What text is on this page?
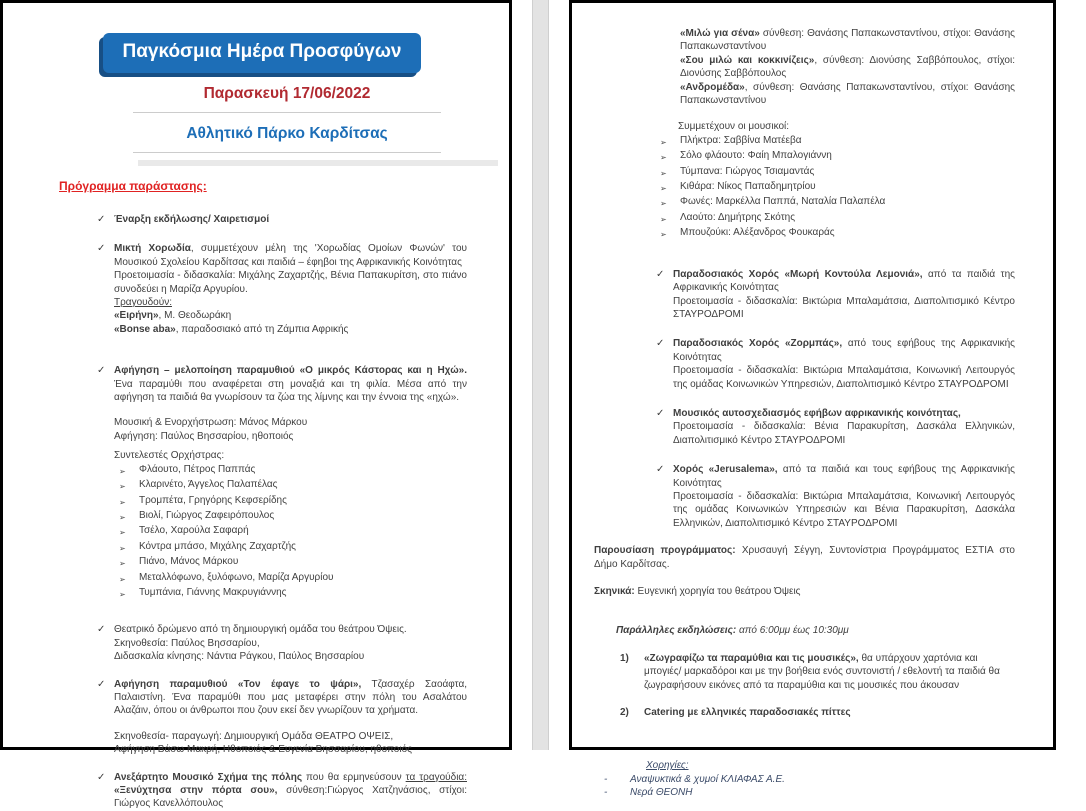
Παγκόσμια Ημέρα Προσφύγων
Παρασκευή 17/06/2022
Αθλητικό Πάρκο Καρδίτσας
Πρόγραμμα παράστασης:
✓ Έναρξη εκδήλωσης/ Χαιρετισμοί
✓ Μικτή Χορωδία, συμμετέχουν μέλη της 'Χορωδίας Ομοίων Φωνών' του Μουσικού Σχολείου Καρδίτσας και παιδιά – έφηβοι της Αφρικανικής Κοινότητας
Προετοιμασία - διδασκαλία: Μιχάλης Ζαχαρτζής, Βένια Παπακυρίτση, στο πιάνο συνοδεύει η Μαρίζα Αργυρίου.
Τραγουδούν:
«Ειρήνη», Μ. Θεοδωράκη
«Bonse aba», παραδοσιακό από τη Ζάμπια Αφρικής
✓ Αφήγηση – μελοποίηση παραμυθιού «Ο μικρός Κάστορας και η Ηχώ». Ένα παραμύθι που αναφέρεται στη μοναξιά και τη φιλία. Μέσα από την αφήγηση τα παιδιά θα γνωρίσουν τα ζώα της λίμνης και την έννοια της «ηχώ».
Μουσική & Ενορχήστρωση: Μάνος Μάρκου
Αφήγηση: Παύλος Βησσαρίου, ηθοποιός
Συντελεστές Ορχήστρας:
➢	Φλάουτο, Πέτρος Παππάς
➢	Κλαρινέτο, Άγγελος Παλαπέλας
➢	Τρομπέτα, Γρηγόρης Κεφσερίδης
➢	Βιολί, Γιώργος Ζαφειρόπουλος
➢	Τσέλο, Χαρούλα Σαφαρή
➢	Κόντρα μπάσο, Μιχάλης Ζαχαρτζής
➢	Πιάνο, Μάνος Μάρκου
➢	Μεταλλόφωνο, ξυλόφωνο, Μαρίζα Αργυρίου
➢	Τυμπάνια, Γιάννης Μακρυγιάννης
✓ Θεατρικό δρώμενο από τη δημιουργική ομάδα του θεάτρου Όψεις.
Σκηνοθεσία: Παύλος Βησσαρίου,
Διδασκαλία κίνησης: Νάντια Ράγκου, Παύλος Βησσαρίου
✓ Αφήγηση παραμυθιού «Τον έφαγε το ψάρι», Τζασαχέρ Σαοάφτα, Παλαιστίνη. Ένα παραμύθι που μας μεταφέρει στην πόλη του Ασαλάτου Αλαζάιν, όπου οι άνθρωποι που ζουν εκεί δεν γνωρίζουν τα χρήματα.
Σκηνοθεσία- παραγωγή: Δημιουργική Ομάδα ΘΕΑΤΡΟ ΟΨΕΙΣ,
Αφήγηση Βάσω Μακρή, Ηθοποιός & Ευγενία Βησσαρίου, ηθοποιός
✓ Ανεξάρτητο Μουσικό Σχήμα της πόλης που θα ερμηνεύσουν τα τραγούδια: «Ξενύχτησα στην πόρτα σου», σύνθεση:Γιώργος Χατζηνάσιος, στίχοι: Γιώργος Κανελλόπουλος
«Μιλώ για σένα» σύνθεση: Θανάσης Παπακωνσταντίνου, στίχοι: Θανάσης Παπακωνσταντίνου
«Σου μιλώ και κοκκινίζεις», σύνθεση: Διονύσης Σαββόπουλος, στίχοι: Διονύσης Σαββόπουλος
«Ανδρομέδα», σύνθεση: Θανάσης Παπακωνσταντίνου, στίχοι: Θανάσης Παπακωνσταντίνου
Συμμετέχουν οι μουσικοί:
➢	Πλήκτρα: Σαββίνα Ματέεβα
➢	Σόλο φλάουτο: Φαίη Μπαλογιάννη
➢	Τύμπανα: Γιώργος Τσιαμαντάς
➢	Κιθάρα: Νίκος Παπαδημητρίου
➢	Φωνές: Μαρκέλλα Παππά, Ναταλία Παλαπέλα
➢	Λαούτο: Δημήτρης Σκότης
➢	Μπουζούκι: Αλέξανδρος Φουκαράς
✓ Παραδοσιακός Χορός «Μωρή Κοντούλα Λεμονιά», από τα παιδιά της Αφρικανικής Κοινότητας
Προετοιμασία - διδασκαλία: Βικτώρια Μπαλαμάτσια, Διαπολιτισμικό Κέντρο ΣΤΑΥΡΟΔΡΟΜΙ
✓ Παραδοσιακός Χορός «Ζορμπάς», από τους εφήβους της Αφρικανικής Κοινότητας
Προετοιμασία - διδασκαλία: Βικτώρια Μπαλαμάτσια, Κοινωνική Λειτουργός της ομάδας Κοινωνικών Υπηρεσιών, Διαπολιτισμικό Κέντρο ΣΤΑΥΡΟΔΡΟΜΙ
✓ Μουσικός αυτοσχεδιασμός εφήβων αφρικανικής κοινότητας,
Προετοιμασία - διδασκαλία: Βένια Παρακυρίτση, Δασκάλα Ελληνικών, Διαπολιτισμικό Κέντρο ΣΤΑΥΡΟΔΡΟΜΙ
✓ Χορός «Jerusalema», από τα παιδιά και τους εφήβους της Αφρικανικής Κοινότητας
Προετοιμασία - διδασκαλία: Βικτώρια Μπαλαμάτσια, Κοινωνική Λειτουργός της ομάδας Κοινωνικών Υπηρεσιών και Βένια Παρακυρίτση, Δασκάλα Ελληνικών, Διαπολιτισμικό Κέντρο ΣΤΑΥΡΟΔΡΟΜΙ
Παρουσίαση προγράμματος: Χρυσαυγή Σέγγη, Συντονίστρια Προγράμματος ΕΣΤΙΑ στο Δήμο Καρδίτσας.
Σκηνικά: Ευγενική χορηγία του θεάτρου Όψεις
Παράλληλες εκδηλώσεις: από 6:00μμ έως 10:30μμ
1)	«Ζωγραφίζω τα παραμύθια και τις μουσικές», θα υπάρχουν χαρτόνια και μπογιές/ μαρκαδόροι και με την βοήθεια ενός συντονιστή / εθελοντή τα παιδιά θα ζωγραφήσουν εικόνες από τα παραμύθια και τις μουσικές που άκουσαν
2)	Catering με ελληνικές παραδοσιακές πίττες
Χορηγίες:
-	Αναψυκτικά & χυμοί ΚΛΙΑΦΑΣ Α.Ε.
-	Νερά ΘΕΟΝΗ
